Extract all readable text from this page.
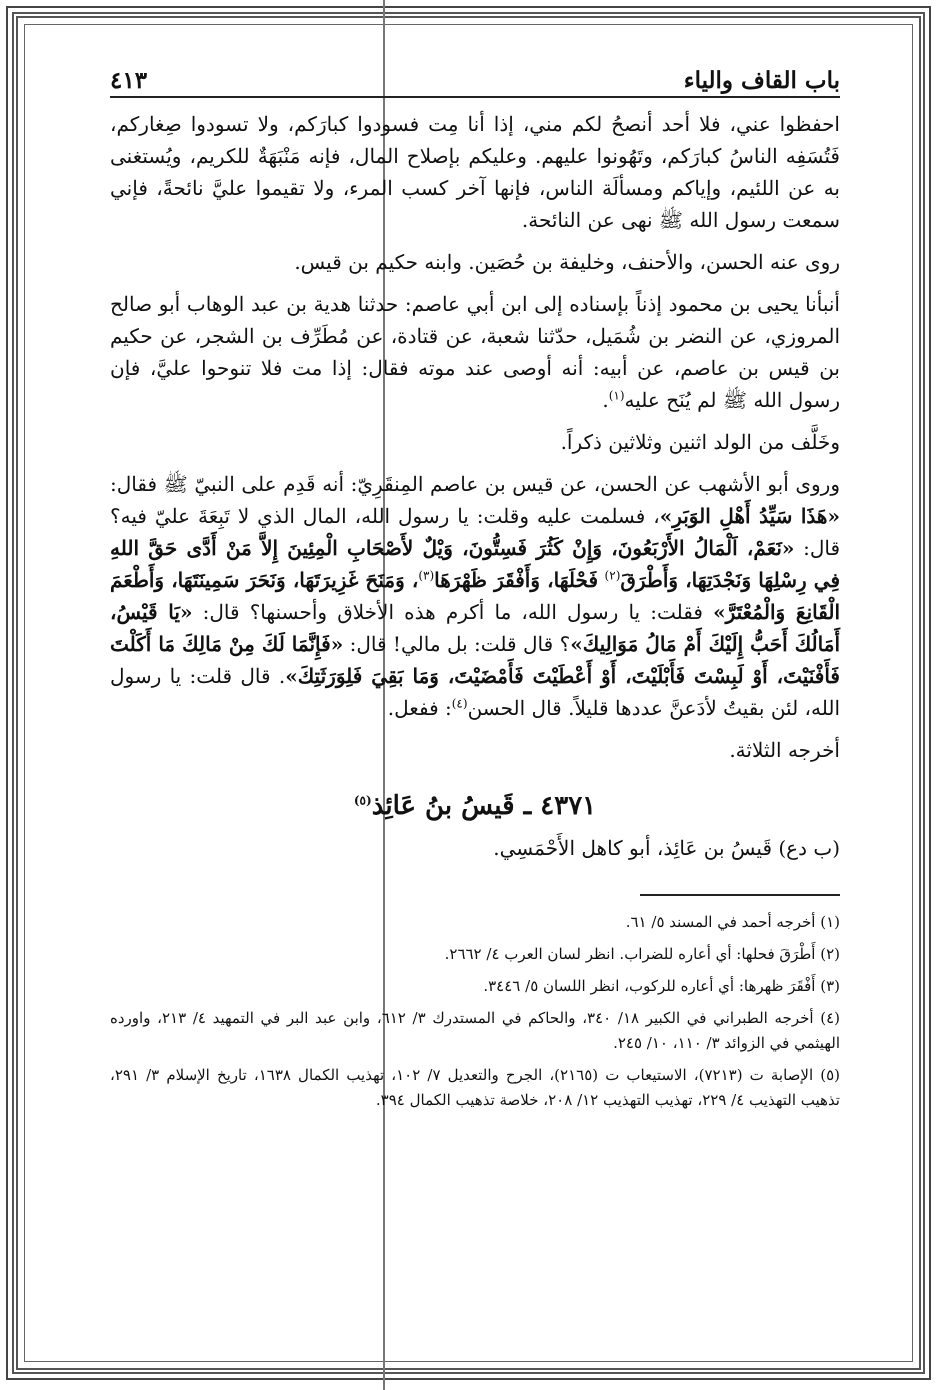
باب القاف والياء
٤١٣

احفظوا عني، فلا أحد أنصحُ لكم مني، إذا أنا مِت فسودوا كبارَكم، ولا تسودوا صِغاركم، فَتُسَفِه الناسُ كبارَكم، وتَهُونوا عليهم. وعليكم بإصلاح المال، فإنه مَنْبَهَةٌ للكريم، ويُستغنى به عن اللئيم، وإياكم ومسألَة الناس، فإنها آخر كسب المرء، ولا تقيموا عليَّ نائحةً، فإني سمعت رسول الله ﷺ نهى عن النائحة.

روى عنه الحسن، والأحنف، وخليفة بن حُصَين. وابنه حكيم بن قيس.

أنبأنا يحيى بن محمود إذناً بإسناده إلى ابن أبي عاصم: حدثنا هدية بن عبد الوهاب أبو صالح المروزي، عن النضر بن شُمَيل، حدّثنا شعبة، عن قتادة، عن مُطَرِّف بن الشجر، عن حكيم بن قيس بن عاصم، عن أبيه: أنه أوصى عند موته فقال: إذا مت فلا تنوحوا عليَّ، فإن رسول الله ﷺ لم يُنَح عليه$^{(١)}$.

وخَلَّف من الولد اثنين وثلاثين ذكراً.

وروى أبو الأشهب عن الحسن، عن قيس بن عاصم المِنقَرِيّ: أنه قَدِم على النبيّ ﷺ فقال: «هَذَا سَيِّدُ أَهْلِ الوَبَرِ»، فسلمت عليه وقلت: يا رسول الله، المال الذي لا تَبِعَةَ عليّ فيه؟ قال: «نَعَمْ، اَلْمَالُ الأَرْبَعُونَ، وَإِنْ كَثُرَ فَسِتُّونَ، وَيْلٌ لأَصْحَابِ الْمِئِينَ إِلاَّ مَنْ أَدَّى حَقَّ اللهِ فِي رِسْلِهَا وَنَجْدَتِهَا، وَأَطْرَقَ$^{(٢)}$ فَحْلَهَا، وَأَفْقَرَ ظَهْرَهَا$^{(٣)}$، وَمَنَحَ غَزِيرَتَهَا، وَنَحَرَ سَمِينَتَهَا، وَأَطْعَمَ الْقَانِعَ وَالْمُعْتَرَّ» فقلت: يا رسول الله، ما أكرم هذه الأخلاق وأحسنها؟ قال: «يَا قَيْسُ، أَمَالُكَ أَحَبُّ إِلَيْكَ أَمْ مَالُ مَوَالِيكَ»؟ قال قلت: بل مالي! قال: «فَإِنَّمَا لَكَ مِنْ مَالِكَ مَا أَكَلْتَ فَأَفْنَيْتَ، أَوْ لَبِسْتَ فَأَبْلَيْتَ، أَوْ أَعْطَيْتَ فَأَمْضَيْتَ، وَمَا بَقِيَ فَلِوَرَثَتِكَ». قال قلت: يا رسول الله، لئن بقيتُ لأدَعنَّ عددها قليلاً. قال الحسن$^{(٤)}$: ففعل.

أخرجه الثلاثة.

٤٣٧١ ـ قَيسُ بنُ عَائِذ$^{(٥)}$

(ب دع) قَيسُ بن عَائِذ، أبو كاهل الأَحْمَسِي.

(١) أخرجه أحمد في المسند ٥/ ٦١.

(٢) أَطْرَقَ فحلها: أي أعاره للضراب. انظر لسان العرب ٤/ ٢٦٦٢.

(٣) أَفْقَرَ ظهرها: أي أعاره للركوب، انظر اللسان ٥/ ٣٤٤٦.

(٤) أخرجه الطبراني في الكبير ١٨/ ٣٤٠، والحاكم في المستدرك ٣/ ٦١٢، وابن عبد البر في التمهيد ٤/ ٢١٣، واورده الهيثمي في الزوائد ٣/ ١١٠، ١٠/ ٢٤٥.

(٥) الإصابة ت (٧٢١٣)، الاستيعاب ت (٢١٦٥)، الجرح والتعديل ٧/ ١٠٢، تهذيب الكمال ١٦٣٨، تاريخ الإسلام ٣/ ٢٩١، تذهيب التهذيب ٤/ ٢٢٩، تهذيب التهذيب ١٢/ ٢٠٨، خلاصة تذهيب الكمال ٣٩٤.
